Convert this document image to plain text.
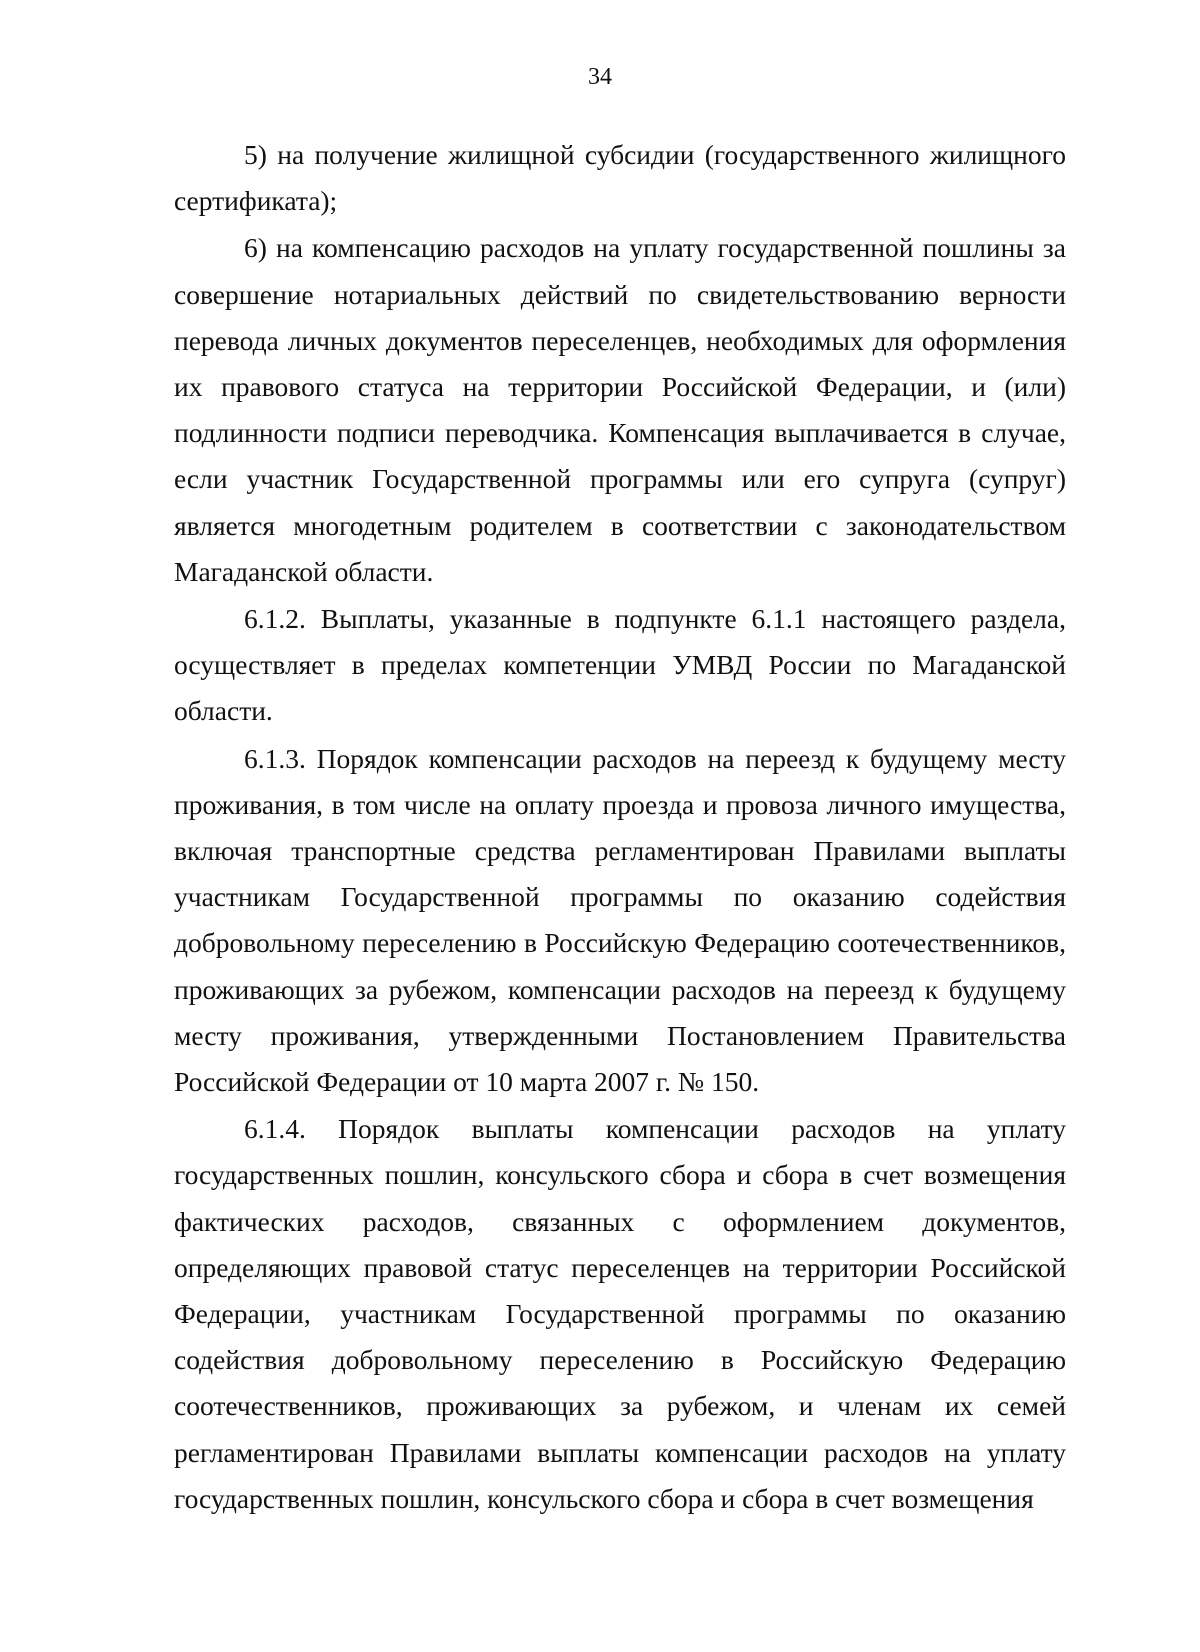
34

5) на получение жилищной субсидии (государственного жилищного сертификата);

6) на компенсацию расходов на уплату государственной пошлины за совершение нотариальных действий по свидетельствованию верности перевода личных документов переселенцев, необходимых для оформления их правового статуса на территории Российской Федерации, и (или) подлинности подписи переводчика. Компенсация выплачивается в случае, если участник Государственной программы или его супруга (супруг) является многодетным родителем в соответствии с законодательством Магаданской области.

6.1.2. Выплаты, указанные в подпункте 6.1.1 настоящего раздела, осуществляет в пределах компетенции УМВД России по Магаданской области.

6.1.3. Порядок компенсации расходов на переезд к будущему месту проживания, в том числе на оплату проезда и провоза личного имущества, включая транспортные средства регламентирован Правилами выплаты участникам Государственной программы по оказанию содействия добровольному переселению в Российскую Федерацию соотечественников, проживающих за рубежом, компенсации расходов на переезд к будущему месту проживания, утвержденными Постановлением Правительства Российской Федерации от 10 марта 2007 г. № 150.

6.1.4. Порядок выплаты компенсации расходов на уплату государственных пошлин, консульского сбора и сбора в счет возмещения фактических расходов, связанных с оформлением документов, определяющих правовой статус переселенцев на территории Российской Федерации, участникам Государственной программы по оказанию содействия добровольному переселению в Российскую Федерацию соотечественников, проживающих за рубежом, и членам их семей регламентирован Правилами выплаты компенсации расходов на уплату государственных пошлин, консульского сбора и сбора в счет возмещения
